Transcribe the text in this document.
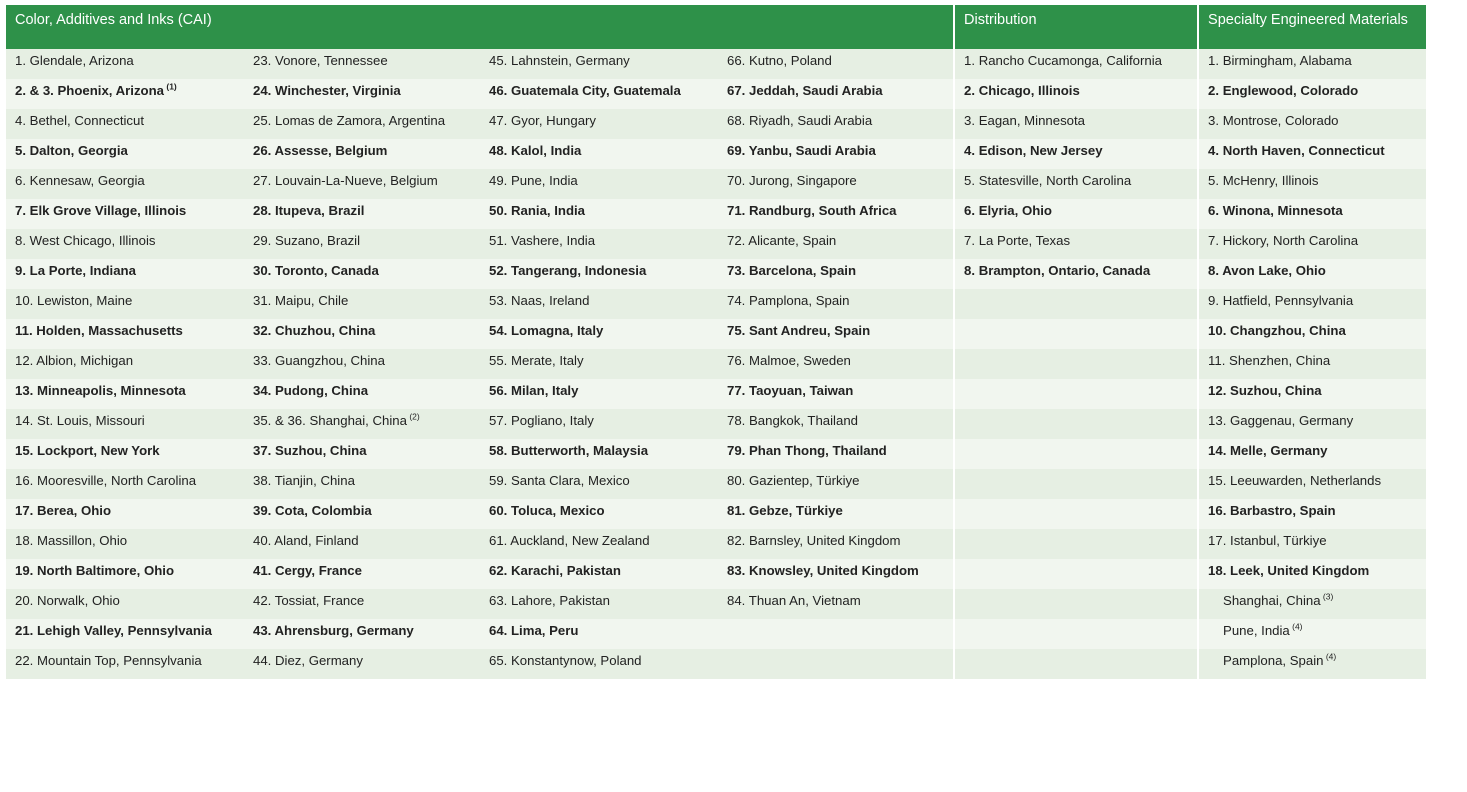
Color, Additives and Inks (CAI)				Distribution	Specialty Engineered Materials
1. Glendale, Arizona	23. Vonore, Tennessee	45. Lahnstein, Germany	66. Kutno, Poland	1. Rancho Cucamonga, California	1. Birmingham, Alabama
2. & 3. Phoenix, Arizona $^{(1)}$	24. Winchester, Virginia	46. Guatemala City, Guatemala	67. Jeddah, Saudi Arabia	2. Chicago, Illinois	2. Englewood, Colorado
4. Bethel, Connecticut	25. Lomas de Zamora, Argentina	47. Gyor, Hungary	68. Riyadh, Saudi Arabia	3. Eagan, Minnesota	3. Montrose, Colorado
5. Dalton, Georgia	26. Assesse, Belgium	48. Kalol, India	69. Yanbu, Saudi Arabia	4. Edison, New Jersey	4. North Haven, Connecticut
6. Kennesaw, Georgia	27. Louvain-La-Nueve, Belgium	49. Pune, India	70. Jurong, Singapore	5. Statesville, North Carolina	5. McHenry, Illinois
7. Elk Grove Village, Illinois	28. Itupeva, Brazil	50. Rania, India	71. Randburg, South Africa	6. Elyria, Ohio	6. Winona, Minnesota
8. West Chicago, Illinois	29. Suzano, Brazil	51. Vashere, India	72. Alicante, Spain	7. La Porte, Texas	7. Hickory, North Carolina
9. La Porte, Indiana	30. Toronto, Canada	52. Tangerang, Indonesia	73. Barcelona, Spain	8. Brampton, Ontario, Canada	8. Avon Lake, Ohio
10. Lewiston, Maine	31. Maipu, Chile	53. Naas, Ireland	74. Pamplona, Spain		9. Hatfield, Pennsylvania
11. Holden, Massachusetts	32. Chuzhou, China	54. Lomagna, Italy	75. Sant Andreu, Spain		10. Changzhou, China
12. Albion, Michigan	33. Guangzhou, China	55. Merate, Italy	76. Malmoe, Sweden		11. Shenzhen, China
13. Minneapolis, Minnesota	34. Pudong, China	56. Milan, Italy	77. Taoyuan, Taiwan		12. Suzhou, China
14. St. Louis, Missouri	35. & 36. Shanghai, China $^{(2)}$	57. Pogliano, Italy	78. Bangkok, Thailand		13. Gaggenau, Germany
15. Lockport, New York	37. Suzhou, China	58. Butterworth, Malaysia	79. Phan Thong, Thailand		14. Melle, Germany
16. Mooresville, North Carolina	38. Tianjin, China	59. Santa Clara, Mexico	80. Gazientep, Türkiye		15. Leeuwarden, Netherlands
17. Berea, Ohio	39. Cota, Colombia	60. Toluca, Mexico	81. Gebze, Türkiye		16. Barbastro, Spain
18. Massillon, Ohio	40. Aland, Finland	61. Auckland, New Zealand	82. Barnsley, United Kingdom		17. Istanbul, Türkiye
19. North Baltimore, Ohio	41. Cergy, France	62. Karachi, Pakistan	83. Knowsley, United Kingdom		18. Leek, United Kingdom
20. Norwalk, Ohio	42. Tossiat, France	63. Lahore, Pakistan	84. Thuan An, Vietnam		Shanghai, China $^{(3)}$
21. Lehigh Valley, Pennsylvania	43. Ahrensburg, Germany	64. Lima, Peru			Pune, India $^{(4)}$
22. Mountain Top, Pennsylvania	44. Diez, Germany	65. Konstantynow, Poland			Pamplona, Spain $^{(4)}$
